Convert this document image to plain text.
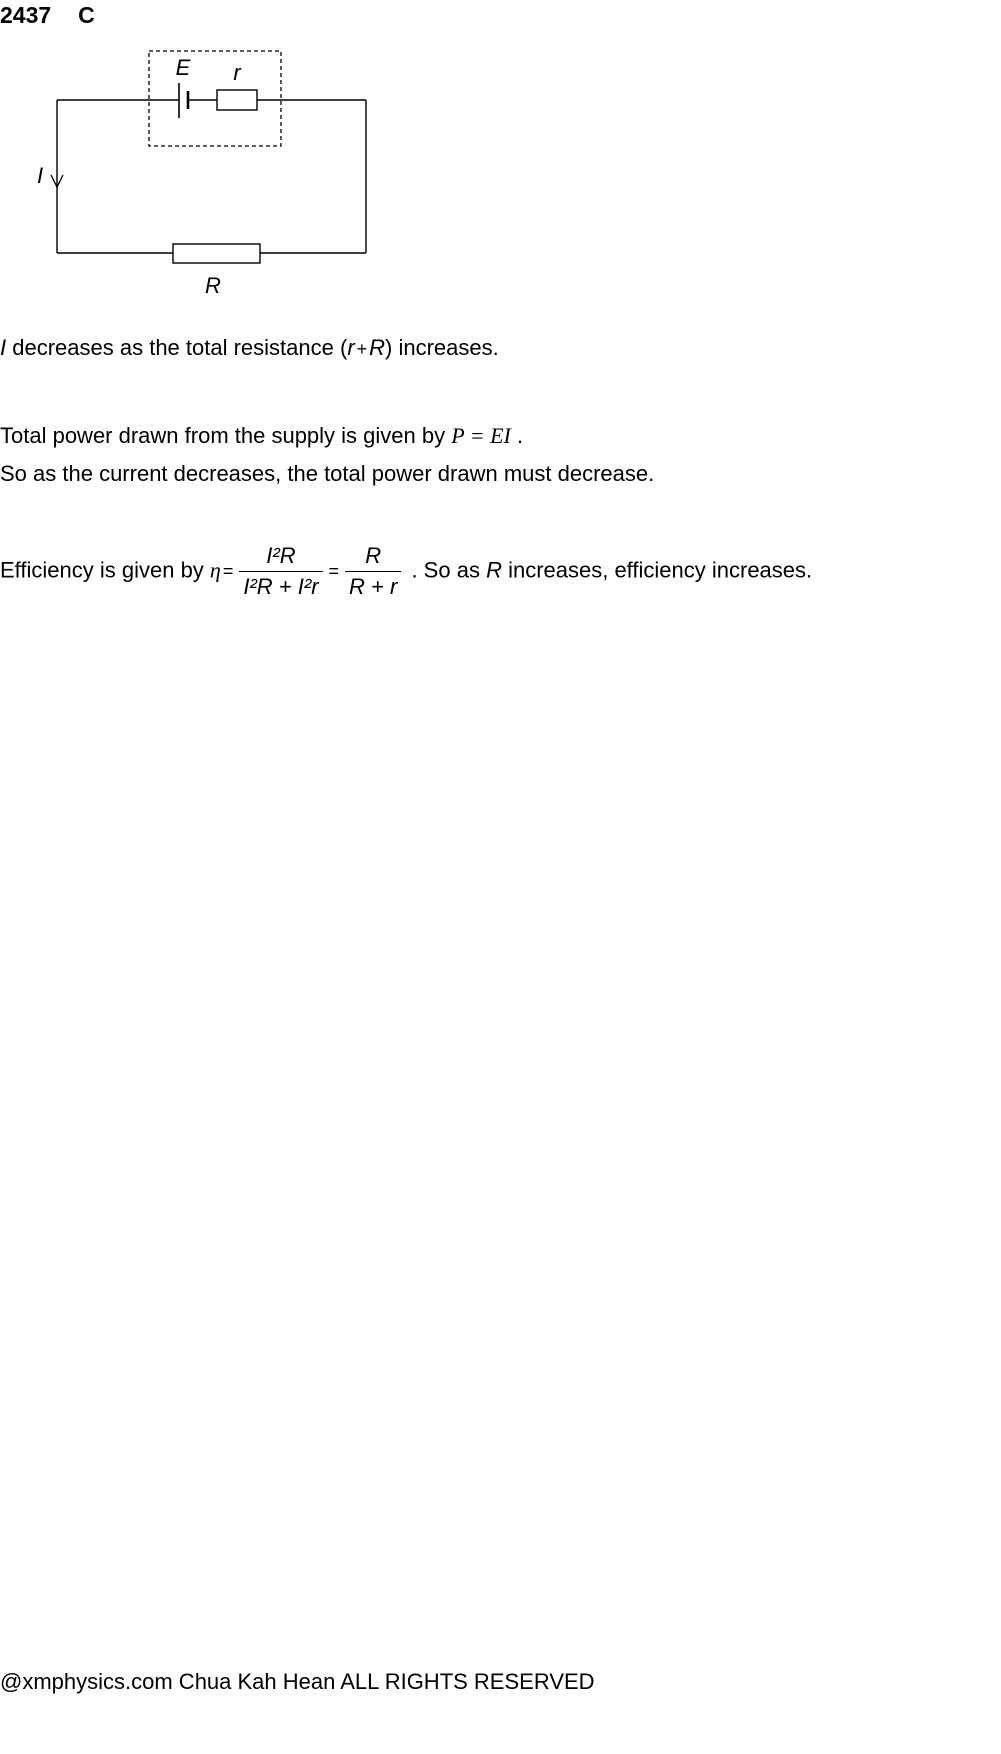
2437 C
E r
I
R
I decreases as the total resistance (r +R) increases.
Total power drawn from the supply is given by P = EI .
So as the current decreases, the total power drawn must decrease.
Efficiency is given by $\eta = \frac{\text{I²R}}{\text{I²R + I²r}} = \frac{R}{R + r}$ . So as R increases, efficiency increases.
@xmphysics.com Chua Kah Hean ALL RIGHTS RESERVED
